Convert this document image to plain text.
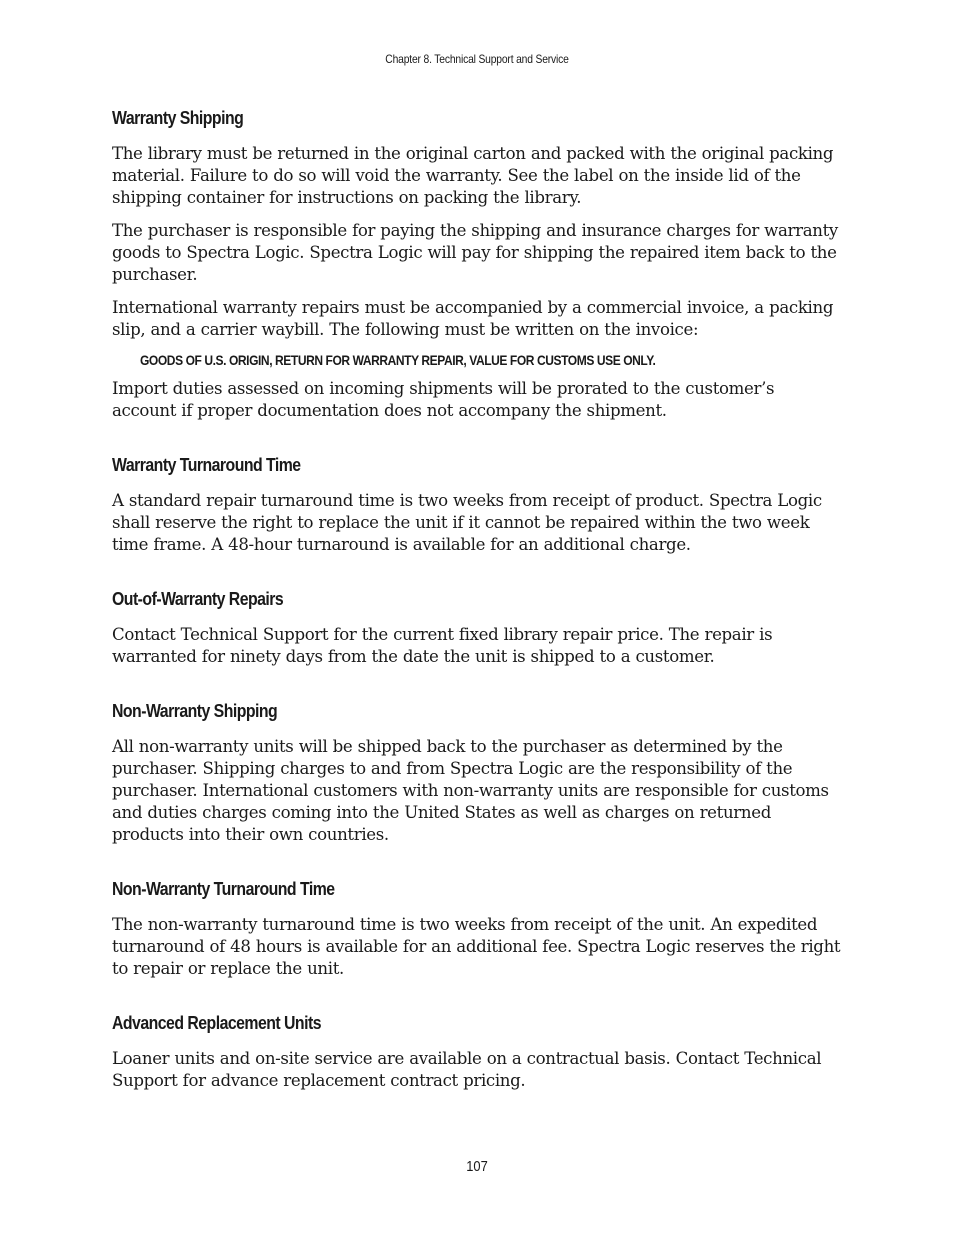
Chapter 8. Technical Support and Service
Warranty Shipping

The library must be returned in the original carton and packed with the original packing material. Failure to do so will void the warranty. See the label on the inside lid of the shipping container for instructions on packing the library.

The purchaser is responsible for paying the shipping and insurance charges for warranty goods to Spectra Logic. Spectra Logic will pay for shipping the repaired item back to the purchaser.

International warranty repairs must be accompanied by a commercial invoice, a packing slip, and a carrier waybill. The following must be written on the invoice:

GOODS OF U.S. ORIGIN, RETURN FOR WARRANTY REPAIR, VALUE FOR CUSTOMS USE ONLY.

Import duties assessed on incoming shipments will be prorated to the customer’s account if proper documentation does not accompany the shipment.

Warranty Turnaround Time

A standard repair turnaround time is two weeks from receipt of product. Spectra Logic shall reserve the right to replace the unit if it cannot be repaired within the two week time frame. A 48-hour turnaround is available for an additional charge.

Out-of-Warranty Repairs

Contact Technical Support for the current fixed library repair price. The repair is warranted for ninety days from the date the unit is shipped to a customer.

Non-Warranty Shipping

All non-warranty units will be shipped back to the purchaser as determined by the purchaser. Shipping charges to and from Spectra Logic are the responsibility of the purchaser. International customers with non-warranty units are responsible for customs and duties charges coming into the United States as well as charges on returned products into their own countries.

Non-Warranty Turnaround Time

The non-warranty turnaround time is two weeks from receipt of the unit. An expedited turnaround of 48 hours is available for an additional fee. Spectra Logic reserves the right to repair or replace the unit.

Advanced Replacement Units

Loaner units and on-site service are available on a contractual basis. Contact Technical Support for advance replacement contract pricing.

107
